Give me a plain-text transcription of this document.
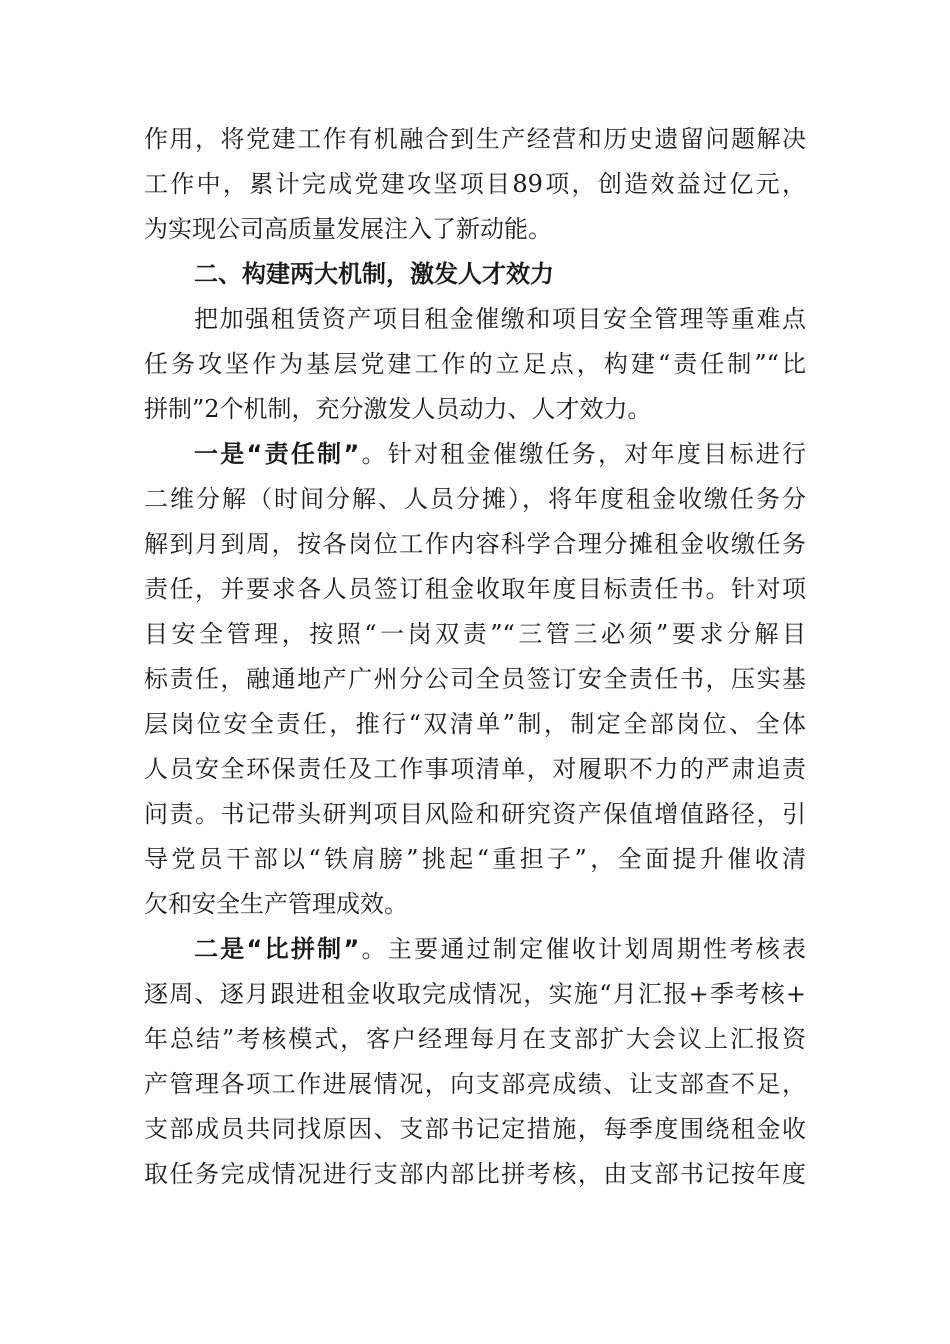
作用，将党建工作有机融合到生产经营和历史遗留问题解决
工作中，累计完成党建攻坚项目89项，创造效益过亿元，
为实现公司高质量发展注入了新动能。
二、构建两大机制，激发人才效力
把加强租赁资产项目租金催缴和项目安全管理等重难点
任务攻坚作为基层党建工作的立足点，构建“责任制”“比
拼制”2个机制，充分激发人员动力、人才效力。
一是“责任制”。针对租金催缴任务，对年度目标进行
二维分解（时间分解、人员分摊），将年度租金收缴任务分
解到月到周，按各岗位工作内容科学合理分摊租金收缴任务
责任，并要求各人员签订租金收取年度目标责任书。针对项
目安全管理，按照“一岗双责”“三管三必须”要求分解目
标责任，融通地产广州分公司全员签订安全责任书，压实基
层岗位安全责任，推行“双清单”制，制定全部岗位、全体
人员安全环保责任及工作事项清单，对履职不力的严肃追责
问责。书记带头研判项目风险和研究资产保值增值路径，引
导党员干部以“铁肩膀”挑起“重担子”，全面提升催收清
欠和安全生产管理成效。
二是“比拼制”。主要通过制定催收计划周期性考核表
逐周、逐月跟进租金收取完成情况，实施“月汇报+季考核+
年总结”考核模式，客户经理每月在支部扩大会议上汇报资
产管理各项工作进展情况，向支部亮成绩、让支部查不足，
支部成员共同找原因、支部书记定措施，每季度围绕租金收
取任务完成情况进行支部内部比拼考核，由支部书记按年度
